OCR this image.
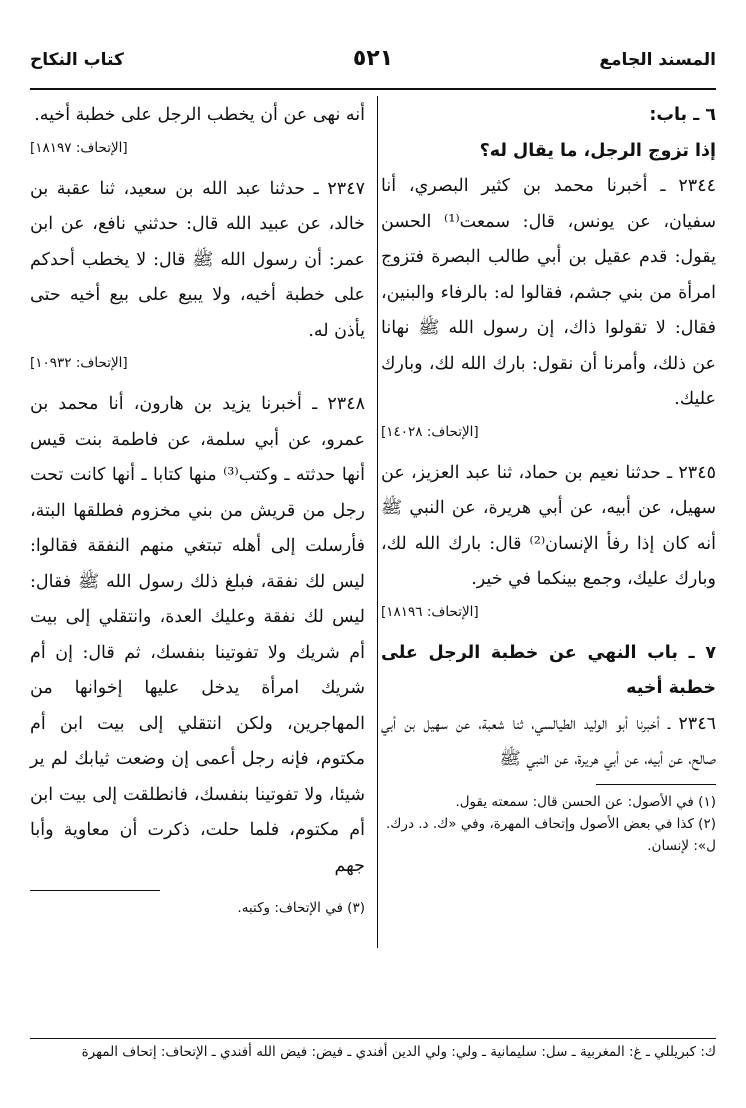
المسند الجامع
٥٢١
كتاب النكاح

٦ ـ باب:

إذا تزوج الرجل، ما يقال له؟

٢٣٤٤ ـ أخبرنا محمد بن كثير البصري، أنا سفيان، عن يونس، قال: سمعت⁽¹⁾ الحسن يقول: قدم عقيل بن أبي طالب البصرة فتزوج امرأة من بني جشم، فقالوا له: بالرفاء والبنين، فقال: لا تقولوا ذاك، إن رسول الله ﷺ نهانا عن ذلك، وأمرنا أن نقول: بارك الله لك، وبارك عليك.

[الإتحاف: ١٤٠٢٨]

٢٣٤٥ ـ حدثنا نعيم بن حماد، ثنا عبد العزيز، عن سهيل، عن أبيه، عن أبي هريرة، عن النبي ﷺ أنه كان إذا رفأ الإنسان⁽²⁾ قال: بارك الله لك، وبارك عليك، وجمع بينكما في خير.

[الإتحاف: ١٨١٩٦]

٧ ـ باب النهي عن خطبة الرجل على خطبة أخيه

٢٣٤٦ ـ أخبرنا أبو الوليد الطيالسي، ثنا شعبة، عن سهيل بن أبي صالح، عن أبيه، عن أبي هريرة، عن النبي ﷺ

(١) في الأصول: عن الحسن قال: سمعته يقول.

(٢) كذا في بعض الأصول وإتحاف المهرة، وفي «ك. د. درك. ل»: لإنسان.

أنه نهى عن أن يخطب الرجل على خطبة أخيه.

[الإتحاف: ١٨١٩٧]

٢٣٤٧ ـ حدثنا عبد الله بن سعيد، ثنا عقبة بن خالد، عن عبيد الله قال: حدثني نافع، عن ابن عمر: أن رسول الله ﷺ قال: لا يخطب أحدكم على خطبة أخيه، ولا يبيع على بيع أخيه حتى يأذن له.

[الإتحاف: ١٠٩٣٢]

٢٣٤٨ ـ أخبرنا يزيد بن هارون، أنا محمد بن عمرو، عن أبي سلمة، عن فاطمة بنت قيس أنها حدثته ـ وكتب⁽³⁾ منها كتابا ـ أنها كانت تحت رجل من قريش من بني مخزوم فطلقها البتة، فأرسلت إلى أهله تبتغي منهم النفقة فقالوا: ليس لك نفقة، فبلغ ذلك رسول الله ﷺ فقال: ليس لك نفقة وعليك العدة، وانتقلي إلى بيت أم شريك ولا تفوتينا بنفسك، ثم قال: إن أم شريك امرأة يدخل عليها إخوانها من المهاجرين، ولكن انتقلي إلى بيت ابن أم مكتوم، فإنه رجل أعمى إن وضعت ثيابك لم ير شيئا، ولا تفوتينا بنفسك، فانطلقت إلى بيت ابن أم مكتوم، فلما حلت، ذكرت أن معاوية وأبا جهم

(٣) في الإتحاف: وكتبه.

ك: كبريللي ـ غ: المغربية ـ سل: سليمانية ـ ولي: ولي الدين أفندي ـ فيض: فيض الله أفندي ـ الإتحاف: إتحاف المهرة
